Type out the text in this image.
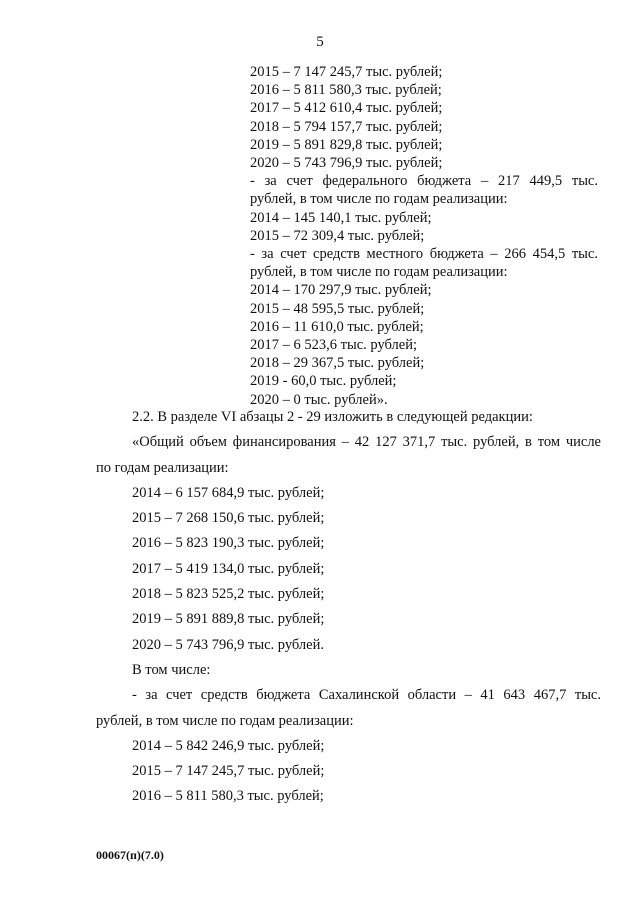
5
2015 – 7 147 245,7 тыс. рублей;
2016 – 5 811 580,3 тыс. рублей;
2017 – 5 412 610,4 тыс. рублей;
2018 – 5 794 157,7 тыс. рублей;
2019 – 5 891 829,8 тыс. рублей;
2020 – 5 743 796,9 тыс. рублей;
- за счет федерального бюджета – 217 449,5 тыс.
рублей, в том числе по годам реализации:
2014 – 145 140,1 тыс. рублей;
2015 – 72 309,4 тыс. рублей;
- за счет средств местного бюджета – 266 454,5 тыс.
рублей, в том числе по годам реализации:
2014 – 170 297,9 тыс. рублей;
2015 – 48 595,5 тыс. рублей;
2016 – 11 610,0 тыс. рублей;
2017 – 6 523,6 тыс. рублей;
2018 – 29 367,5 тыс. рублей;
2019 - 60,0 тыс. рублей;
2020 – 0 тыс. рублей».
2.2. В разделе VI абзацы 2 - 29 изложить в следующей редакции:
«Общий объем финансирования – 42 127 371,7 тыс. рублей, в том числе
по годам реализации:
2014 – 6 157 684,9 тыс. рублей;
2015 – 7 268 150,6 тыс. рублей;
2016 – 5 823 190,3 тыс. рублей;
2017 – 5 419 134,0 тыс. рублей;
2018 – 5 823 525,2 тыс. рублей;
2019 – 5 891 889,8 тыс. рублей;
2020 – 5 743 796,9 тыс. рублей.
В том числе:
- за счет средств бюджета Сахалинской области – 41 643 467,7 тыс.
рублей, в том числе по годам реализации:
2014 – 5 842 246,9 тыс. рублей;
2015 – 7 147 245,7 тыс. рублей;
2016 – 5 811 580,3 тыс. рублей;
00067(п)(7.0)
